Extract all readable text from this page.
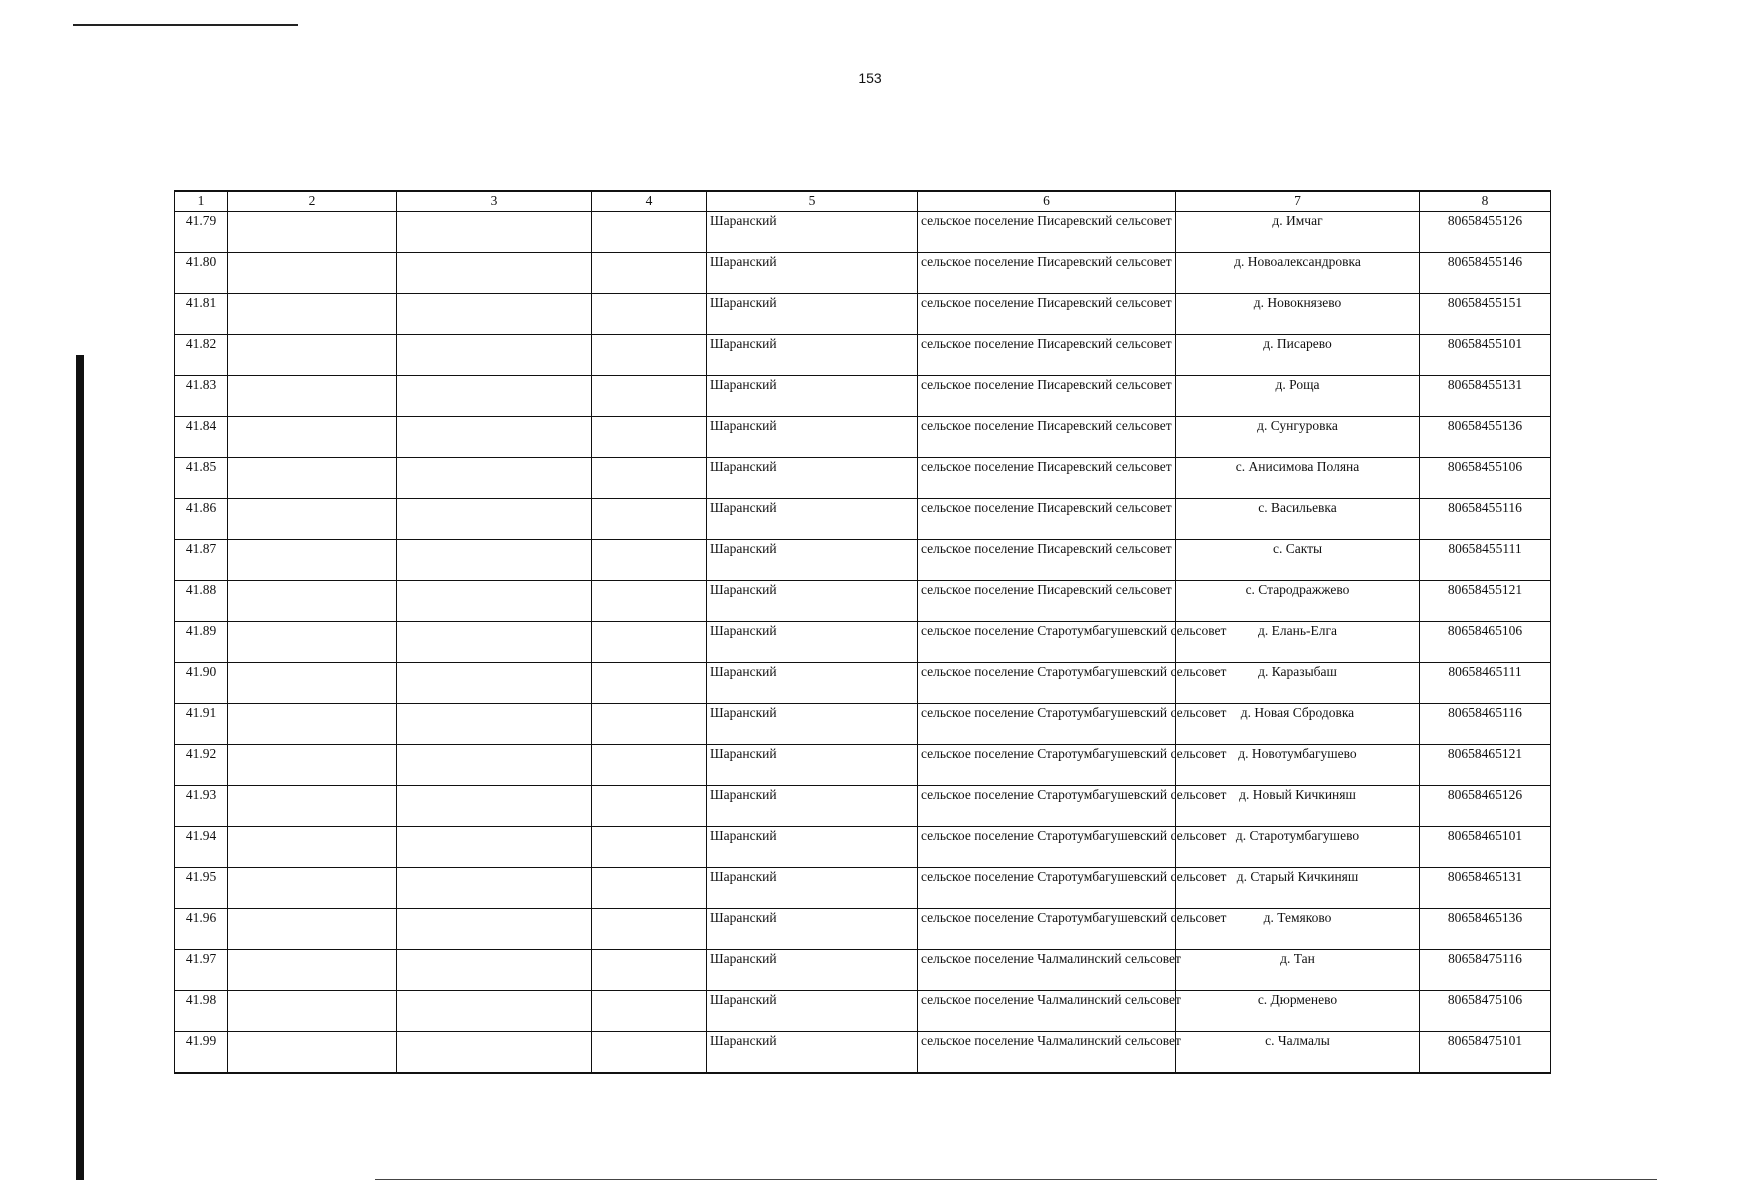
153
1	2	3	4	5	6	7	8
41.79				Шаранский	сельское поселение Писаревский сельсовет	д. Имчаг	80658455126
41.80				Шаранский	сельское поселение Писаревский сельсовет	д. Новоалександровка	80658455146
41.81				Шаранский	сельское поселение Писаревский сельсовет	д. Новокнязево	80658455151
41.82				Шаранский	сельское поселение Писаревский сельсовет	д. Писарево	80658455101
41.83				Шаранский	сельское поселение Писаревский сельсовет	д. Роща	80658455131
41.84				Шаранский	сельское поселение Писаревский сельсовет	д. Сунгуровка	80658455136
41.85				Шаранский	сельское поселение Писаревский сельсовет	с. Анисимова Поляна	80658455106
41.86				Шаранский	сельское поселение Писаревский сельсовет	с. Васильевка	80658455116
41.87				Шаранский	сельское поселение Писаревский сельсовет	с. Сакты	80658455111
41.88				Шаранский	сельское поселение Писаревский сельсовет	с. Стародражжево	80658455121
41.89				Шаранский	сельское поселение Старотумбагушевский сельсовет	д. Елань-Елга	80658465106
41.90				Шаранский	сельское поселение Старотумбагушевский сельсовет	д. Каразыбаш	80658465111
41.91				Шаранский	сельское поселение Старотумбагушевский сельсовет	д. Новая Сбродовка	80658465116
41.92				Шаранский	сельское поселение Старотумбагушевский сельсовет	д. Новотумбагушево	80658465121
41.93				Шаранский	сельское поселение Старотумбагушевский сельсовет	д. Новый Кичкиняш	80658465126
41.94				Шаранский	сельское поселение Старотумбагушевский сельсовет	д. Старотумбагушево	80658465101
41.95				Шаранский	сельское поселение Старотумбагушевский сельсовет	д. Старый Кичкиняш	80658465131
41.96				Шаранский	сельское поселение Старотумбагушевский сельсовет	д. Темяково	80658465136
41.97				Шаранский	сельское поселение Чалмалинский сельсовет	д. Тан	80658475116
41.98				Шаранский	сельское поселение Чалмалинский сельсовет	с. Дюрменево	80658475106
41.99				Шаранский	сельское поселение Чалмалинский сельсовет	с. Чалмалы	80658475101
